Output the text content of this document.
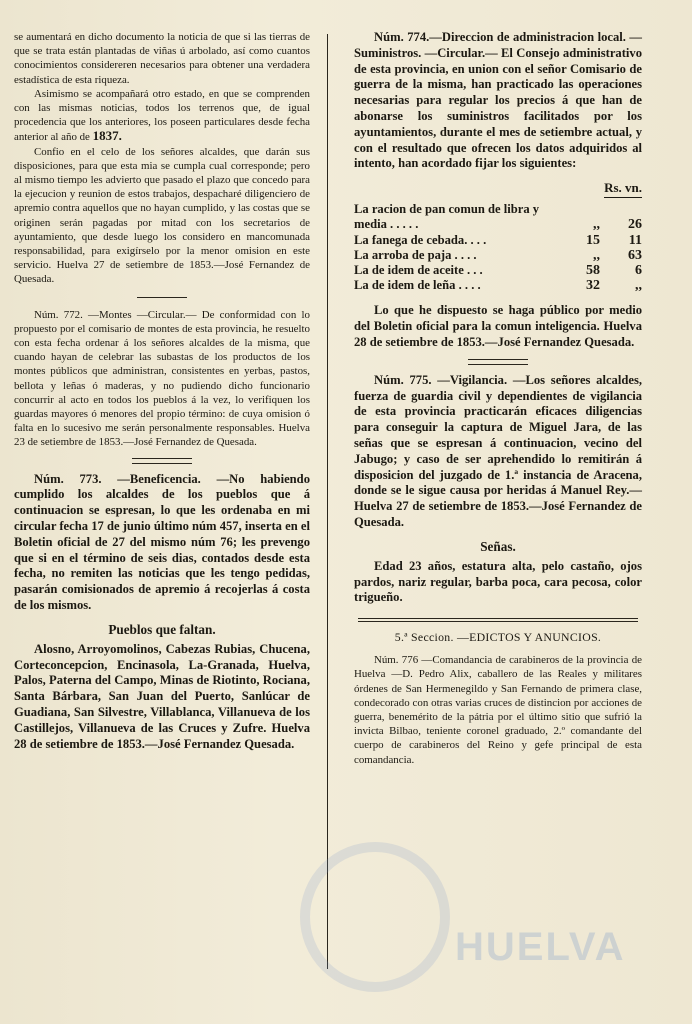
se aumentará en dicho documento la noticia de que si las tierras de que se trata están plantadas de viñas ú arbolado, así como cuantos conocimientos considereren necesarios para obtener una verdadera estadística de esta riqueza.

Asimismo se acompañará otro estado, en que se comprenden con las mismas noticias, todos los terrenos que, de igual procedencia que los anteriores, los poseen particulares desde fecha anterior al año de 1837.

Confio en el celo de los señores alcaldes, que darán sus disposiciones, para que esta mia se cumpla cual corresponde; pero al mismo tiempo les advierto que pasado el plazo que concedo para la ejecucion y reunion de estos trabajos, despacharé diligenciero de apremio contra aquellos que no hayan cumplido, y las costas que se originen serán pagadas por mitad con los secretarios de ayuntamiento, que desde luego los considero en mancomunada responsabilidad, para exigírselo por la menor omision en este servicio. Huelva 27 de setiembre de 1853.—José Fernandez de Quesada.

Núm. 772. —Montes —Circular.— De conformidad con lo propuesto por el comisario de montes de esta provincia, he resuelto con esta fecha ordenar á los señores alcaldes de la misma, que cuando hayan de celebrar las subastas de los productos de los montes públicos que administran, consistentes en yerbas, pastos, bellota y leñas ó maderas, y no pudiendo dicho funcionario concurrir al acto en todos los pueblos á la vez, lo verifiquen los guardas mayores ó menores del propio término: de cuya omision ó falta en lo sucesivo me serán personalmente responsables. Huelva 23 de setiembre de 1853.—José Fernandez de Quesada.

Núm. 773. —Beneficencia. —No habiendo cumplido los alcaldes de los pueblos que á continuacion se espresan, lo que les ordenaba en mi circular fecha 17 de junio último núm 457, inserta en el Boletin oficial de 27 del mismo núm 76; les prevengo que si en el término de seis dias, contados desde esta fecha, no remiten las noticias que les tengo pedidas, pasarán comisionados de apremio á recojerlas á costa de los mismos.

Pueblos que faltan.

Alosno, Arroyomolinos, Cabezas Rubias, Chucena, Corteconcepcion, Encinasola, La-Granada, Huelva, Palos, Paterna del Campo, Minas de Riotinto, Rociana, Santa Bárbara, San Juan del Puerto, Sanlúcar de Guadiana, San Silvestre, Villablanca, Villanueva de los Castillejos, Villanueva de las Cruces y Zufre. Huelva 28 de setiembre de 1853.—José Fernandez Quesada.

Núm. 774.—Direccion de administracion local. —Suministros. —Circular.— El Consejo administrativo de esta provincia, en union con el señor Comisario de guerra de la misma, han practicado las operaciones necesarias para regular los precios á que han de abonarse los suministros facilitados por los ayuntamientos, durante el mes de setiembre actual, y con el resultado que ofrecen los datos adquiridos al intento, han acordado fijar los siguientes:

Rs. vn.
La racion de pan comun de libra y media . . . . .	,,	26
La fanega de cebada. . . .	15	11
La arroba de paja . . . .	,,	63
La de idem de aceite . . .	58	6
La de idem de leña . . . .	32	,,

Lo que he dispuesto se haga público por medio del Boletin oficial para la comun inteligencia. Huelva 28 de setiembre de 1853.—José Fernandez Quesada.

Núm. 775. —Vigilancia. —Los señores alcaldes, fuerza de guardia civil y dependientes de vigilancia de esta provincia practicarán eficaces diligencias para conseguir la captura de Miguel Jara, de las señas que se espresan á continuacion, vecino del Jabugo; y caso de ser aprehendido lo remitirán á disposicion del juzgado de 1.ª instancia de Aracena, donde se le sigue causa por heridas á Manuel Rey.— Huelva 27 de setiembre de 1853.—José Fernandez de Quesada.

Señas.

Edad 23 años, estatura alta, pelo castaño, ojos pardos, nariz regular, barba poca, cara pecosa, color trigueño.

5.ª Seccion. —EDICTOS Y ANUNCIOS.

Núm. 776 —Comandancia de carabineros de la provincia de Huelva —D. Pedro Alix, caballero de las Reales y militares órdenes de San Hermenegildo y San Fernando de primera clase, condecorado con otras varias cruces de distincion por acciones de guerra, benemérito de la pátria por el último sitio que sufrió la invicta Bilbao, teniente coronel graduado, 2.º comandante del cuerpo de carabineros del Reino y gefe principal de esta comandancia.

HUELVA
